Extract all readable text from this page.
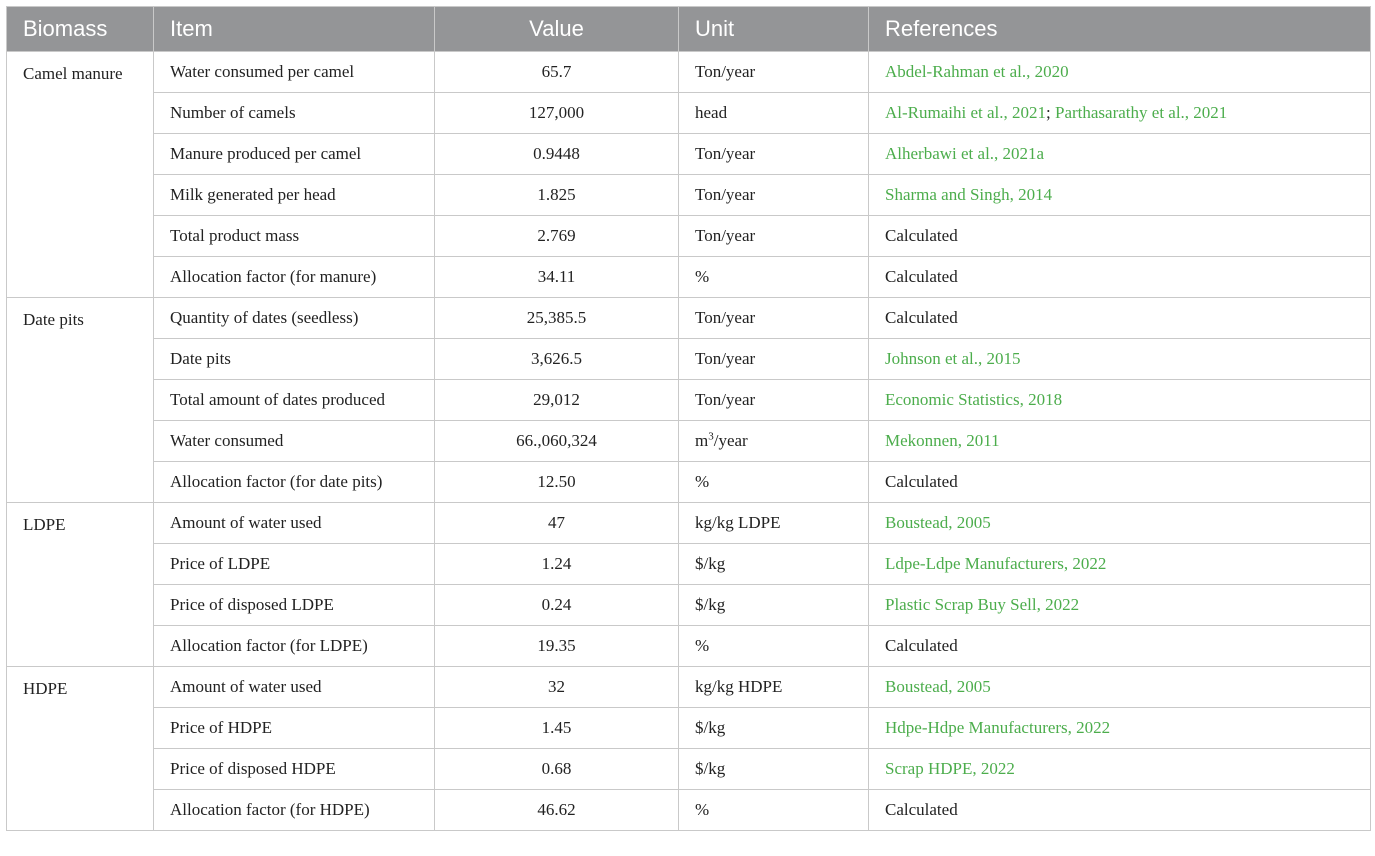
Biomass	Item	Value	Unit	References
Camel manure	Water consumed per camel	65.7	Ton/year	Abdel-Rahman et al., 2020
	Number of camels	127,000	head	Al-Rumaihi et al., 2021; Parthasarathy et al., 2021
	Manure produced per camel	0.9448	Ton/year	Alherbawi et al., 2021a
	Milk generated per head	1.825	Ton/year	Sharma and Singh, 2014
	Total product mass	2.769	Ton/year	Calculated
	Allocation factor (for manure)	34.11	%	Calculated
Date pits	Quantity of dates (seedless)	25,385.5	Ton/year	Calculated
	Date pits	3,626.5	Ton/year	Johnson et al., 2015
	Total amount of dates produced	29,012	Ton/year	Economic Statistics, 2018
	Water consumed	66.,060,324	$m^3$/year	Mekonnen, 2011
	Allocation factor (for date pits)	12.50	%	Calculated
LDPE	Amount of water used	47	kg/kg LDPE	Boustead, 2005
	Price of LDPE	1.24	$/kg	Ldpe-Ldpe Manufacturers, 2022
	Price of disposed LDPE	0.24	$/kg	Plastic Scrap Buy Sell, 2022
	Allocation factor (for LDPE)	19.35	%	Calculated
HDPE	Amount of water used	32	kg/kg HDPE	Boustead, 2005
	Price of HDPE	1.45	$/kg	Hdpe-Hdpe Manufacturers, 2022
	Price of disposed HDPE	0.68	$/kg	Scrap HDPE, 2022
	Allocation factor (for HDPE)	46.62	%	Calculated
